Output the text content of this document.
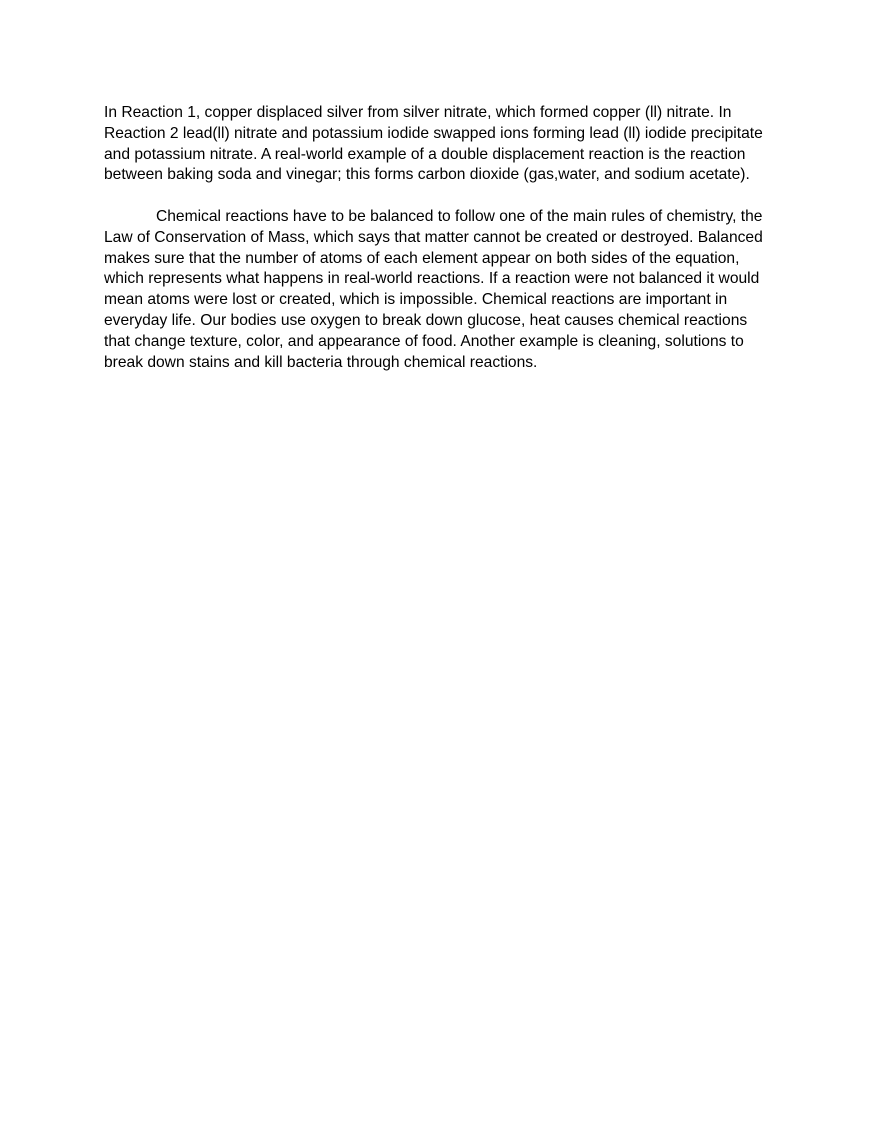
In Reaction 1, copper displaced silver from silver nitrate, which formed copper (ll) nitrate. In Reaction 2 lead(ll) nitrate and potassium iodide swapped ions forming lead (ll) iodide precipitate and potassium nitrate. A real-world example of a double displacement reaction is the reaction between baking soda and vinegar; this forms carbon dioxide (gas,water, and sodium acetate).

Chemical reactions have to be balanced to follow one of the main rules of chemistry, the Law of Conservation of Mass, which says that matter cannot be created or destroyed. Balanced makes sure that the number of atoms of each element appear on both sides of the equation, which represents what happens in real-world reactions. If a reaction were not balanced it would mean atoms were lost or created, which is impossible. Chemical reactions are important in everyday life. Our bodies use oxygen to break down glucose, heat causes chemical reactions that change texture, color, and appearance of food. Another example is cleaning, solutions to break down stains and kill bacteria through chemical reactions.
